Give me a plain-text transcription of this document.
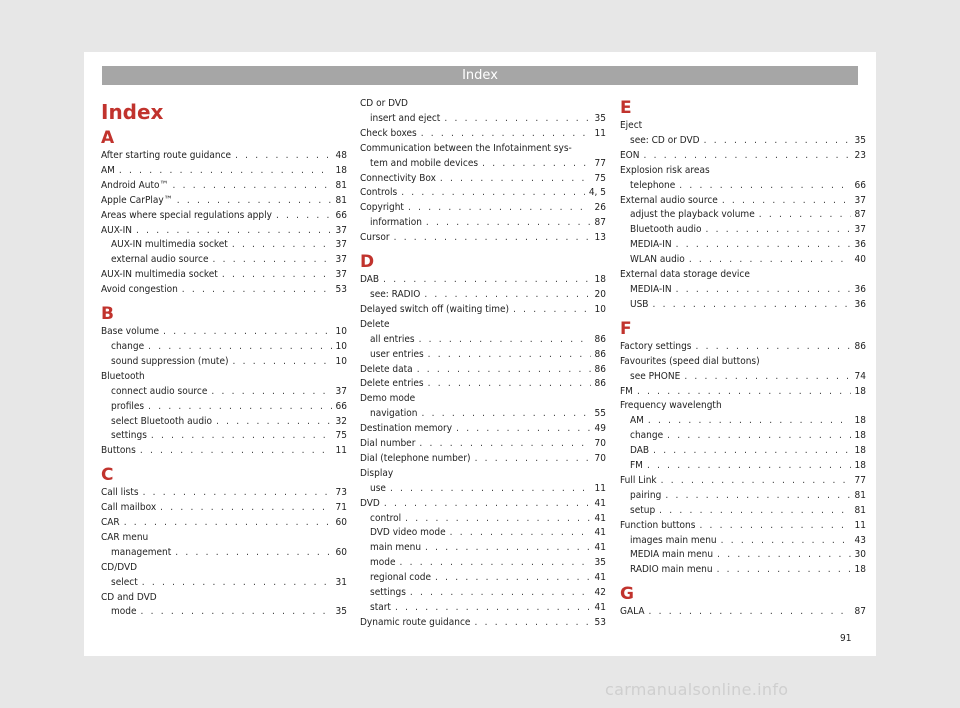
Index
Index
A
After starting route guidance . . .	48
AM . . .	18
Android Auto™ . . .	81
Apple CarPlay™ . . .	81
Areas where special regulations apply . . .	66
AUX-IN . . .	37
AUX-IN multimedia socket . . .	37
external audio source . . .	37
AUX-IN multimedia socket . . .	37
Avoid congestion . . .	53
B
Base volume . . .	10
change . . .	10
sound suppression (mute) . . .	10
Bluetooth
connect audio source . . .	37
profiles . . .	66
select Bluetooth audio . . .	32
settings . . .	75
Buttons . . .	11
C
Call lists . . .	73
Call mailbox . . .	71
CAR . . .	60
CAR menu
management . . .	60
CD/DVD
select . . .	31
CD and DVD
mode . . .	35
CD or DVD
insert and eject . . .	35
Check boxes . . .	11
Communication between the Infotainment sys-
tem and mobile devices . . .	77
Connectivity Box . . .	75
Controls . . .	4, 5
Copyright . . .	26
information . . .	87
Cursor . . .	13
D
DAB . . .	18
see: RADIO . . .	20
Delayed switch off (waiting time) . . .	10
Delete
all entries . . .	86
user entries . . .	86
Delete data . . .	86
Delete entries . . .	86
Demo mode
navigation . . .	55
Destination memory . . .	49
Dial number . . .	70
Dial (telephone number) . . .	70
Display
use . . .	11
DVD . . .	41
control . . .	41
DVD video mode . . .	41
main menu . . .	41
mode . . .	35
regional code . . .	41
settings . . .	42
start . . .	41
Dynamic route guidance . . .	53
E
Eject
see: CD or DVD . . .	35
EON . . .	23
Explosion risk areas
telephone . . .	66
External audio source . . .	37
adjust the playback volume . . .	87
Bluetooth audio . . .	37
MEDIA-IN . . .	36
WLAN audio . . .	40
External data storage device
MEDIA-IN . . .	36
USB . . .	36
F
Factory settings . . .	86
Favourites (speed dial buttons)
see PHONE . . .	74
FM . . .	18
Frequency wavelength
AM . . .	18
change . . .	18
DAB . . .	18
FM . . .	18
Full Link . . .	77
pairing . . .	81
setup . . .	81
Function buttons . . .	11
images main menu . . .	43
MEDIA main menu . . .	30
RADIO main menu . . .	18
G
GALA . . .	87
91
carmanualsonline.info
